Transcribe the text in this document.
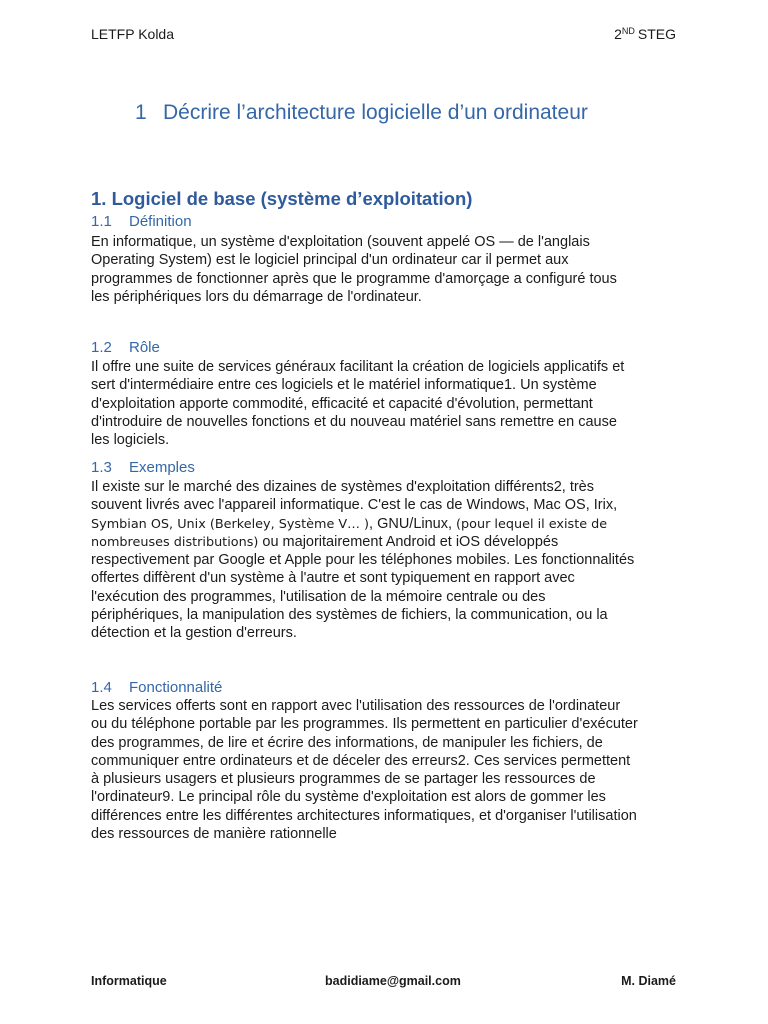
LETFP Kolda	2ND STEG
1 Décrire l’architecture logicielle d’un ordinateur
1. Logiciel de base (système d’exploitation)
1.1 Définition
En informatique, un système d'exploitation (souvent appelé OS — de l'anglais
Operating System) est le logiciel principal d'un ordinateur car il permet aux
programmes de fonctionner après que le programme d'amorçage a configuré tous
les périphériques lors du démarrage de l'ordinateur.
1.2 Rôle
Il offre une suite de services généraux facilitant la création de logiciels applicatifs et
sert d'intermédiaire entre ces logiciels et le matériel informatique1. Un système
d'exploitation apporte commodité, efficacité et capacité d'évolution, permettant
d'introduire de nouvelles fonctions et du nouveau matériel sans remettre en cause
les logiciels.
1.3 Exemples
Il existe sur le marché des dizaines de systèmes d'exploitation différents2, très
souvent livrés avec l'appareil informatique. C'est le cas de Windows, Mac OS, Irix,
Symbian OS, Unix (Berkeley, Système V… ), GNU/Linux, (pour lequel il existe de
nombreuses distributions) ou majoritairement Android et iOS développés
respectivement par Google et Apple pour les téléphones mobiles. Les fonctionnalités
offertes diffèrent d'un système à l'autre et sont typiquement en rapport avec
l'exécution des programmes, l'utilisation de la mémoire centrale ou des
périphériques, la manipulation des systèmes de fichiers, la communication, ou la
détection et la gestion d'erreurs.
1.4 Fonctionnalité
Les services offerts sont en rapport avec l'utilisation des ressources de l'ordinateur
ou du téléphone portable par les programmes. Ils permettent en particulier d'exécuter
des programmes, de lire et écrire des informations, de manipuler les fichiers, de
communiquer entre ordinateurs et de déceler des erreurs2. Ces services permettent
à plusieurs usagers et plusieurs programmes de se partager les ressources de
l'ordinateur9. Le principal rôle du système d'exploitation est alors de gommer les
différences entre les différentes architectures informatiques, et d'organiser l'utilisation
des ressources de manière rationnelle
Informatique	badidiame@gmail.com	M. Diamé
